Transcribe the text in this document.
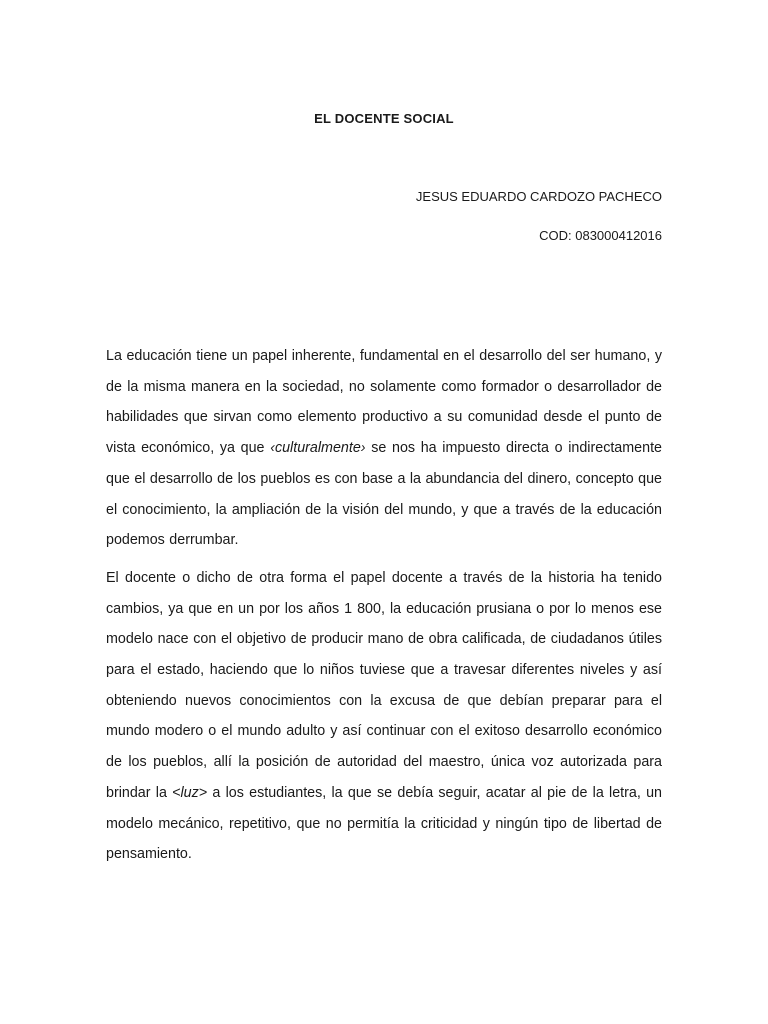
EL DOCENTE SOCIAL

JESUS EDUARDO CARDOZO PACHECO

COD: 083000412016

La educación tiene un papel inherente, fundamental en el desarrollo del ser humano, y de la misma manera en la sociedad, no solamente como formador o desarrollador de habilidades que sirvan como elemento productivo a su comunidad desde el punto de vista económico, ya que ‹culturalmente› se nos ha impuesto directa o indirectamente que el desarrollo de los pueblos es con base a la abundancia del dinero, concepto que el conocimiento, la ampliación de la visión del mundo, y que a través de la educación podemos derrumbar.

El docente o dicho de otra forma el papel docente a través de la historia ha tenido cambios, ya que en un por los años 1 800, la educación prusiana o por lo menos ese modelo nace con el objetivo de producir mano de obra calificada, de ciudadanos útiles para el estado, haciendo que lo niños tuviese que a travesar diferentes niveles y así obteniendo nuevos conocimientos con la excusa de que debían preparar para el mundo modero o el mundo adulto y así continuar con el exitoso desarrollo económico de los pueblos, allí la posición de autoridad del maestro, única voz autorizada para brindar la <luz> a los estudiantes, la que se debía seguir, acatar al pie de la letra, un modelo mecánico, repetitivo, que no permitía la criticidad y ningún tipo de libertad de pensamiento.
